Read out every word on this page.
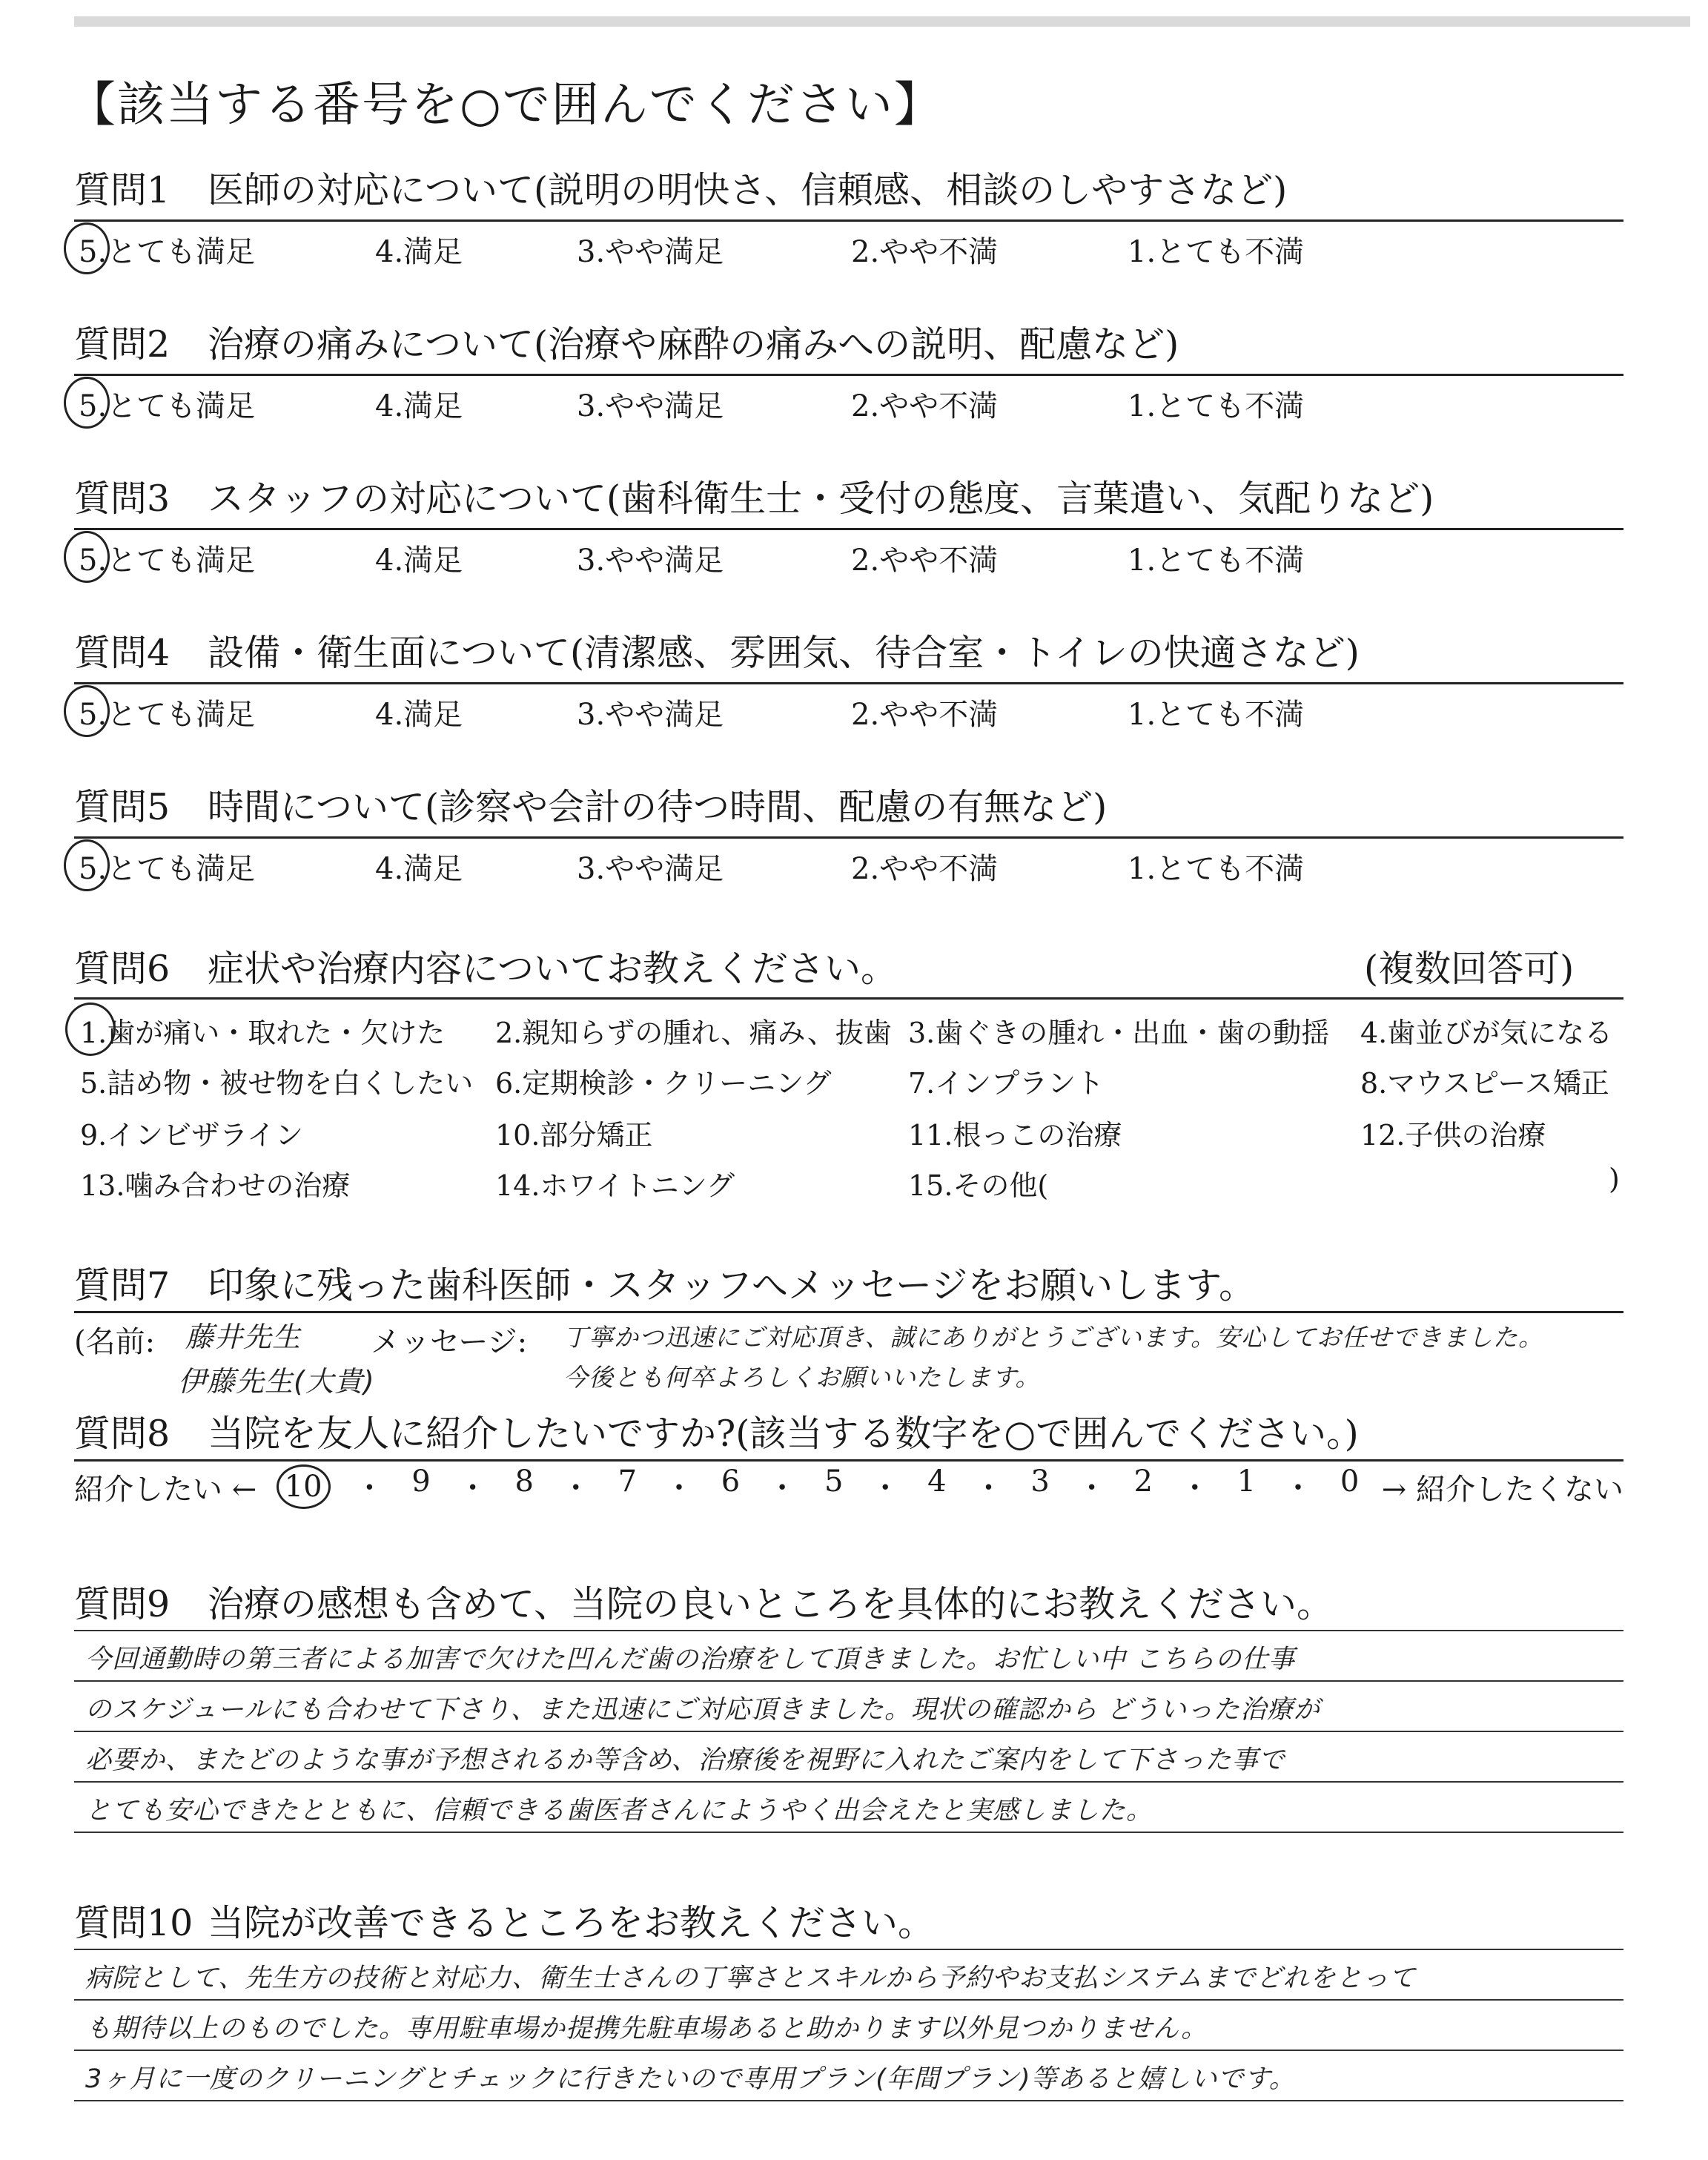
【該当する番号を○で囲んでください】
質問1 医師の対応について(説明の明快さ、信頼感、相談のしやすさなど)
5.とても満足	4.満足	3.やや満足	2.やや不満	1.とても不満
質問2 治療の痛みについて(治療や麻酔の痛みへの説明、配慮など)
5.とても満足	4.満足	3.やや満足	2.やや不満	1.とても不満
質問3 スタッフの対応について(歯科衛生士・受付の態度、言葉遣い、気配りなど)
5.とても満足	4.満足	3.やや満足	2.やや不満	1.とても不満
質問4 設備・衛生面について(清潔感、雰囲気、待合室・トイレの快適さなど)
5.とても満足	4.満足	3.やや満足	2.やや不満	1.とても不満
質問5 時間について(診察や会計の待つ時間、配慮の有無など)
5.とても満足	4.満足	3.やや満足	2.やや不満	1.とても不満
質問6 症状や治療内容についてお教えください。	(複数回答可)
1.歯が痛い・取れた・欠けた 2.親知らずの腫れ、痛み、抜歯 3.歯ぐきの腫れ・出血・歯の動揺 4.歯並びが気になる
5.詰め物・被せ物を白くしたい 6.定期検診・クリーニング	7.インプラント	8.マウスピース矯正
9.インビザライン	10.部分矯正	11.根っこの治療	12.子供の治療
13.噛み合わせの治療	14.ホワイトニング	15.その他(	)
質問7 印象に残った歯科医師・スタッフへメッセージをお願いします。
(名前: 藤井先生
伊藤先生(大貴)
メッセージ: 丁寧かつ迅速にご対応頂き、誠にありがとうございます。安心してお任せできました。
今後とも何卒よろしくお願いいたします。
質問8 当院を友人に紹介したいですか?(該当する数字を○で囲んでください。)
紹介したい ← 10 ・ 9 ・ 8 ・ 7 ・ 6 ・ 5 ・ 4 ・ 3 ・ 2 ・ 1 ・ 0 → 紹介したくない
質問9 治療の感想も含めて、当院の良いところを具体的にお教えください。
今回通勤時の第三者による加害で欠けた凹んだ歯の治療をして頂きました。お忙しい中 こちらの仕事
のスケジュールにも合わせて下さり、また迅速にご対応頂きました。現状の確認から どういった治療が
必要か、またどのような事が予想されるか等含め、治療後を視野に入れたご案内をして下さった事で
とても安心できたとともに、信頼できる歯医者さんにようやく出会えたと実感しました。
質問10 当院が改善できるところをお教えください。
病院として、先生方の技術と対応力、衛生士さんの丁寧さとスキルから予約やお支払システムまでどれをとって
も期待以上のものでした。専用駐車場か提携先駐車場あると助かります以外見つかりません。
3ヶ月に一度のクリーニングとチェックに行きたいので専用プラン(年間プラン)等あると嬉しいです。
